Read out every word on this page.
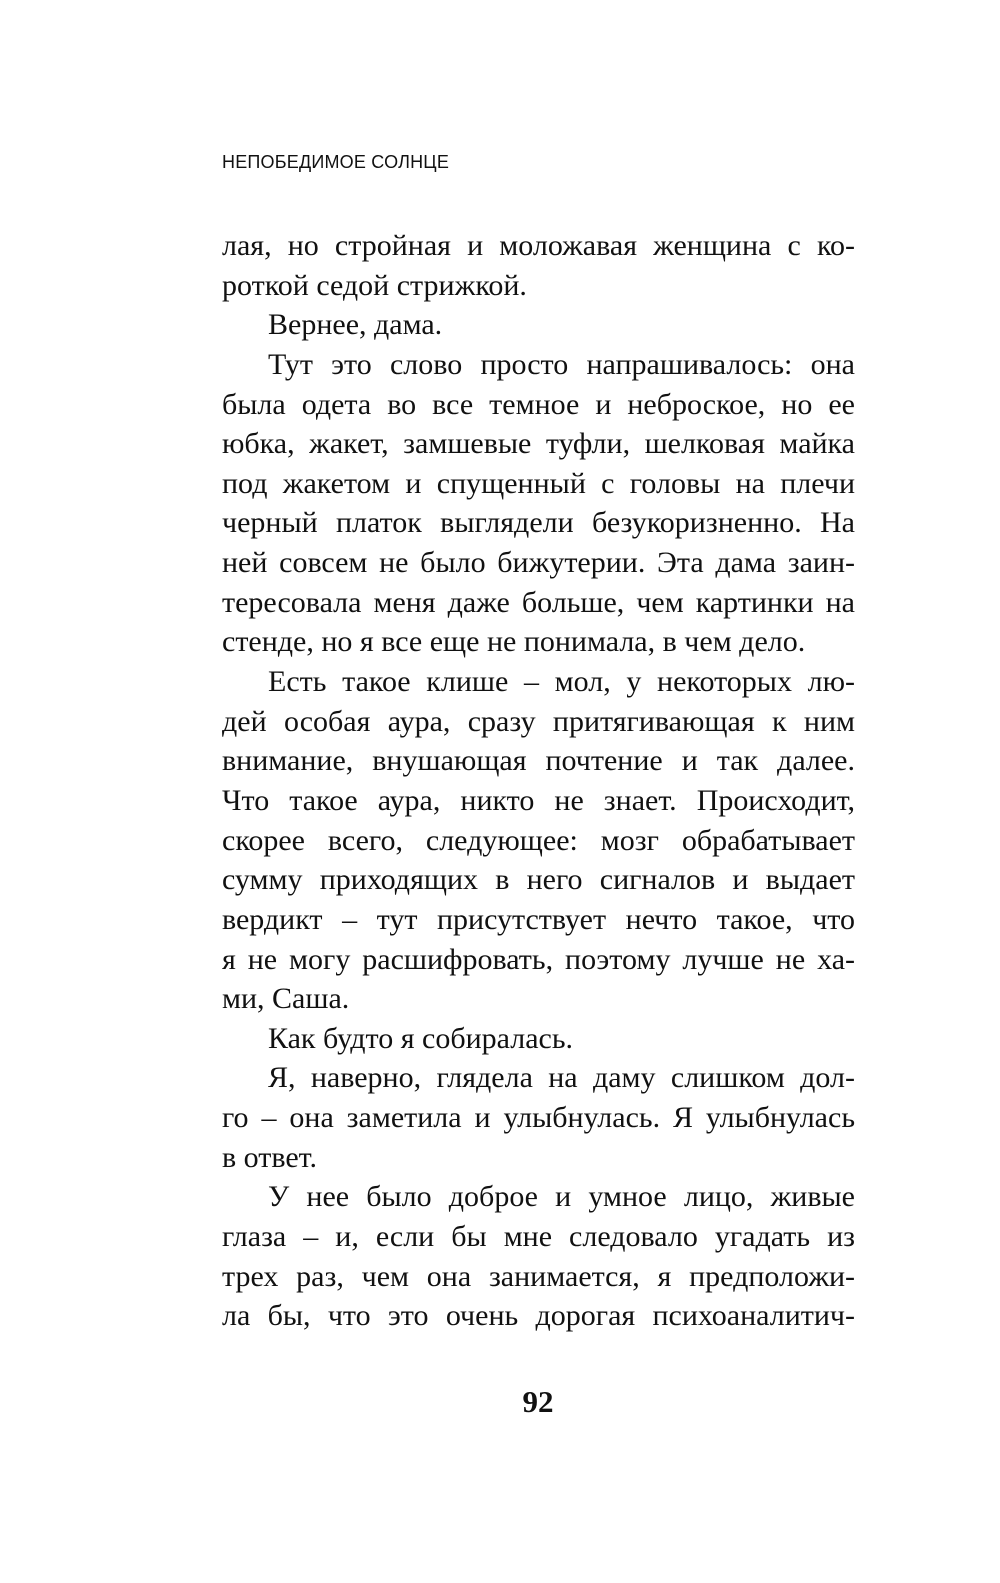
НЕПОБЕДИМОЕ СОЛНЦЕ
лая, но стройная и моложавая женщина с ко-
роткой седой стрижкой.
Вернее, дама.
Тут это слово просто напрашивалось: она
была одета во все темное и неброское, но ее
юбка, жакет, замшевые туфли, шелковая майка
под жакетом и спущенный с головы на плечи
черный платок выглядели безукоризненно. На
ней совсем не было бижутерии. Эта дама заин-
тересовала меня даже больше, чем картинки на
стенде, но я все еще не понимала, в чем дело.
Есть такое клише – мол, у некоторых лю-
дей особая аура, сразу притягивающая к ним
внимание, внушающая почтение и так далее.
Что такое аура, никто не знает. Происходит,
скорее всего, следующее: мозг обрабатывает
сумму приходящих в него сигналов и выдает
вердикт – тут присутствует нечто такое, что
я не могу расшифровать, поэтому лучше не ха-
ми, Саша.
Как будто я собиралась.
Я, наверно, глядела на даму слишком дол-
го – она заметила и улыбнулась. Я улыбнулась
в ответ.
У нее было доброе и умное лицо, живые
глаза – и, если бы мне следовало угадать из
трех раз, чем она занимается, я предположи-
ла бы, что это очень дорогая психоаналитич-
92
